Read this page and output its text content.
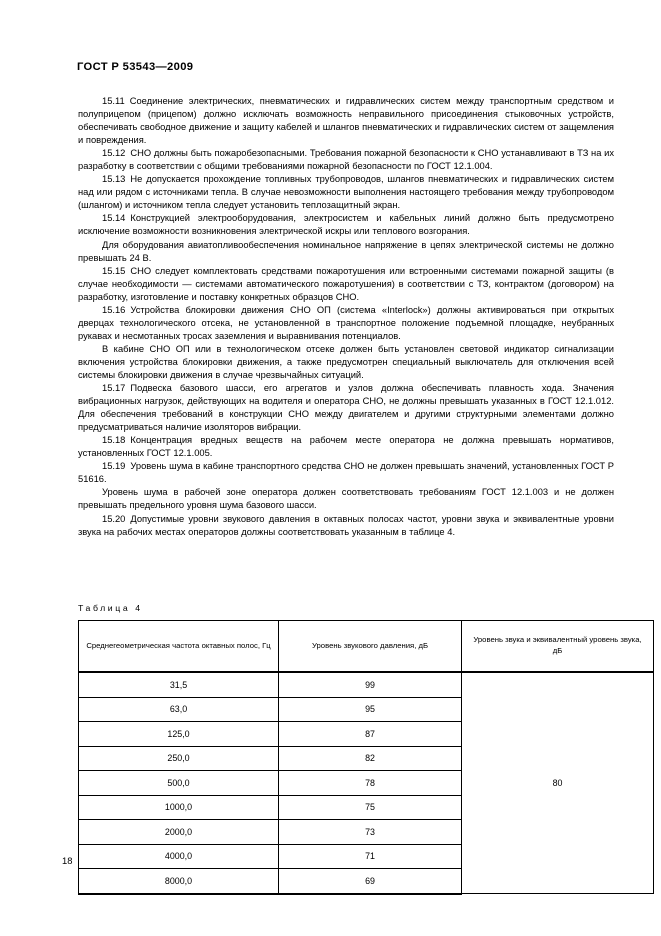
ГОСТ Р 53543—2009

15.11 Соединение электрических, пневматических и гидравлических систем между транспортным средством и полуприцепом (прицепом) должно исключать возможность неправильного присоединения стыковочных устройств, обеспечивать свободное движение и защиту кабелей и шлангов пневматических и гидравлических систем от защемления и повреждения.

15.12 СНО должны быть пожаробезопасными. Требования пожарной безопасности к СНО устанавливают в ТЗ на их разработку в соответствии с общими требованиями пожарной безопасности по ГОСТ 12.1.004.

15.13 Не допускается прохождение топливных трубопроводов, шлангов пневматических и гидравлических систем над или рядом с источниками тепла. В случае невозможности выполнения настоящего требования между трубопроводом (шлангом) и источником тепла следует установить теплозащитный экран.

15.14 Конструкцией электрооборудования, электросистем и кабельных линий должно быть предусмотрено исключение возможности возникновения электрической искры или теплового возгорания.

Для оборудования авиатопливообеспечения номинальное напряжение в цепях электрической системы не должно превышать 24 В.

15.15 СНО следует комплектовать средствами пожаротушения или встроенными системами пожарной защиты (в случае необходимости — системами автоматического пожаротушения) в соответствии с ТЗ, контрактом (договором) на разработку, изготовление и поставку конкретных образцов СНО.

15.16 Устройства блокировки движения СНО ОП (система «Interlock») должны активироваться при открытых дверцах технологического отсека, не установленной в транспортное положение подъемной площадке, неубранных рукавах и несмотанных тросах заземления и выравнивания потенциалов.

В кабине СНО ОП или в технологическом отсеке должен быть установлен световой индикатор сигнализации включения устройства блокировки движения, а также предусмотрен специальный выключатель для отключения всей системы блокировки движения в случае чрезвычайных ситуаций.

15.17 Подвеска базового шасси, его агрегатов и узлов должна обеспечивать плавность хода. Значения вибрационных нагрузок, действующих на водителя и оператора СНО, не должны превышать указанных в ГОСТ 12.1.012. Для обеспечения требований в конструкции СНО между двигателем и другими структурными элементами должно предусматриваться наличие изоляторов вибрации.

15.18 Концентрация вредных веществ на рабочем месте оператора не должна превышать нормативов, установленных ГОСТ 12.1.005.

15.19 Уровень шума в кабине транспортного средства СНО не должен превышать значений, установленных ГОСТ Р 51616.

Уровень шума в рабочей зоне оператора должен соответствовать требованиям ГОСТ 12.1.003 и не должен превышать предельного уровня шума базового шасси.

15.20 Допустимые уровни звукового давления в октавных полосах частот, уровни звука и эквивалентные уровни звука на рабочих местах операторов должны соответствовать указанным в таблице 4.

Таблица 4
Среднегеометрическая частота октавных полос, Гц	Уровень звукового давления, дБ	Уровень звука и эквивалентный уровень звука, дБ
31,5	99	80
63,0	95	
125,0	87	
250,0	82	
500,0	78	
1000,0	75	
2000,0	73	
4000,0	71	
8000,0	69	
18
